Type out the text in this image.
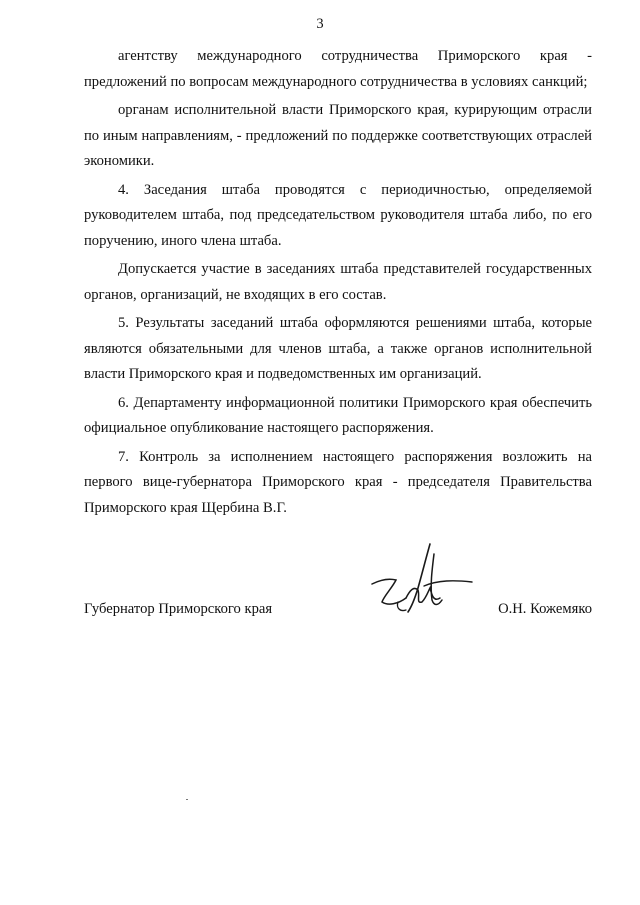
3

агентству международного сотрудничества Приморского края - предложений по вопросам международного сотрудничества в условиях санкций;

органам исполнительной власти Приморского края, курирующим отрасли по иным направлениям, - предложений по поддержке соответствующих отраслей экономики.

4. Заседания штаба проводятся с периодичностью, определяемой руководителем штаба, под председательством руководителя штаба либо, по его поручению, иного члена штаба.

Допускается участие в заседаниях штаба представителей государственных органов, организаций, не входящих в его состав.

5. Результаты заседаний штаба оформляются решениями штаба, которые являются обязательными для членов штаба, а также органов исполнительной власти Приморского края и подведомственных им организаций.

6. Департаменту информационной политики Приморского края обеспечить официальное опубликование настоящего распоряжения.

7. Контроль за исполнением настоящего распоряжения возложить на первого вице-губернатора Приморского края - председателя Правительства Приморского края Щербина В.Г.

Губернатор Приморского края	О.Н. Кожемяко
